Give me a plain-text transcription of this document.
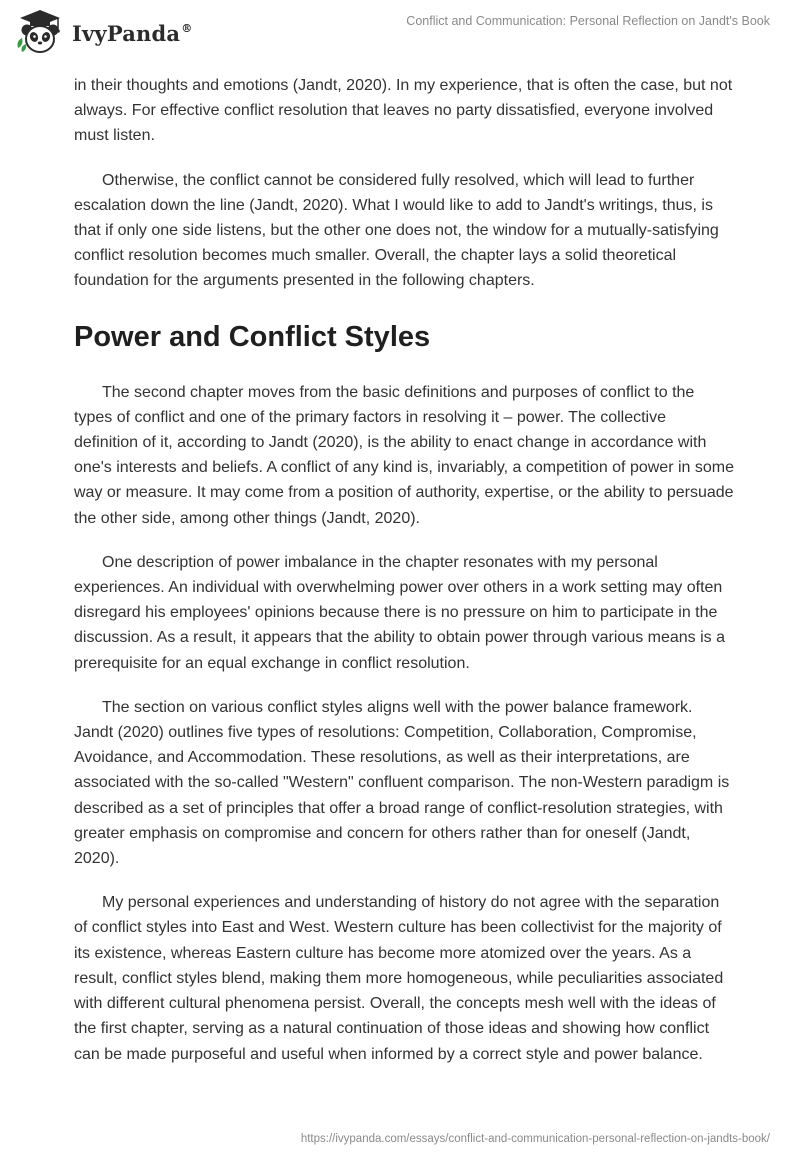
IvyPanda®	Conflict and Communication: Personal Reflection on Jandt's Book

in their thoughts and emotions (Jandt, 2020). In my experience, that is often the case, but not always. For effective conflict resolution that leaves no party dissatisfied, everyone involved must listen.

Otherwise, the conflict cannot be considered fully resolved, which will lead to further escalation down the line (Jandt, 2020). What I would like to add to Jandt's writings, thus, is that if only one side listens, but the other one does not, the window for a mutually-satisfying conflict resolution becomes much smaller. Overall, the chapter lays a solid theoretical foundation for the arguments presented in the following chapters.

Power and Conflict Styles

The second chapter moves from the basic definitions and purposes of conflict to the types of conflict and one of the primary factors in resolving it – power. The collective definition of it, according to Jandt (2020), is the ability to enact change in accordance with one's interests and beliefs. A conflict of any kind is, invariably, a competition of power in some way or measure. It may come from a position of authority, expertise, or the ability to persuade the other side, among other things (Jandt, 2020).

One description of power imbalance in the chapter resonates with my personal experiences. An individual with overwhelming power over others in a work setting may often disregard his employees' opinions because there is no pressure on him to participate in the discussion. As a result, it appears that the ability to obtain power through various means is a prerequisite for an equal exchange in conflict resolution.

The section on various conflict styles aligns well with the power balance framework. Jandt (2020) outlines five types of resolutions: Competition, Collaboration, Compromise, Avoidance, and Accommodation. These resolutions, as well as their interpretations, are associated with the so-called "Western" confluent comparison. The non-Western paradigm is described as a set of principles that offer a broad range of conflict-resolution strategies, with greater emphasis on compromise and concern for others rather than for oneself (Jandt, 2020).

My personal experiences and understanding of history do not agree with the separation of conflict styles into East and West. Western culture has been collectivist for the majority of its existence, whereas Eastern culture has become more atomized over the years. As a result, conflict styles blend, making them more homogeneous, while peculiarities associated with different cultural phenomena persist. Overall, the concepts mesh well with the ideas of the first chapter, serving as a natural continuation of those ideas and showing how conflict can be made purposeful and useful when informed by a correct style and power balance.

https://ivypanda.com/essays/conflict-and-communication-personal-reflection-on-jandts-book/
